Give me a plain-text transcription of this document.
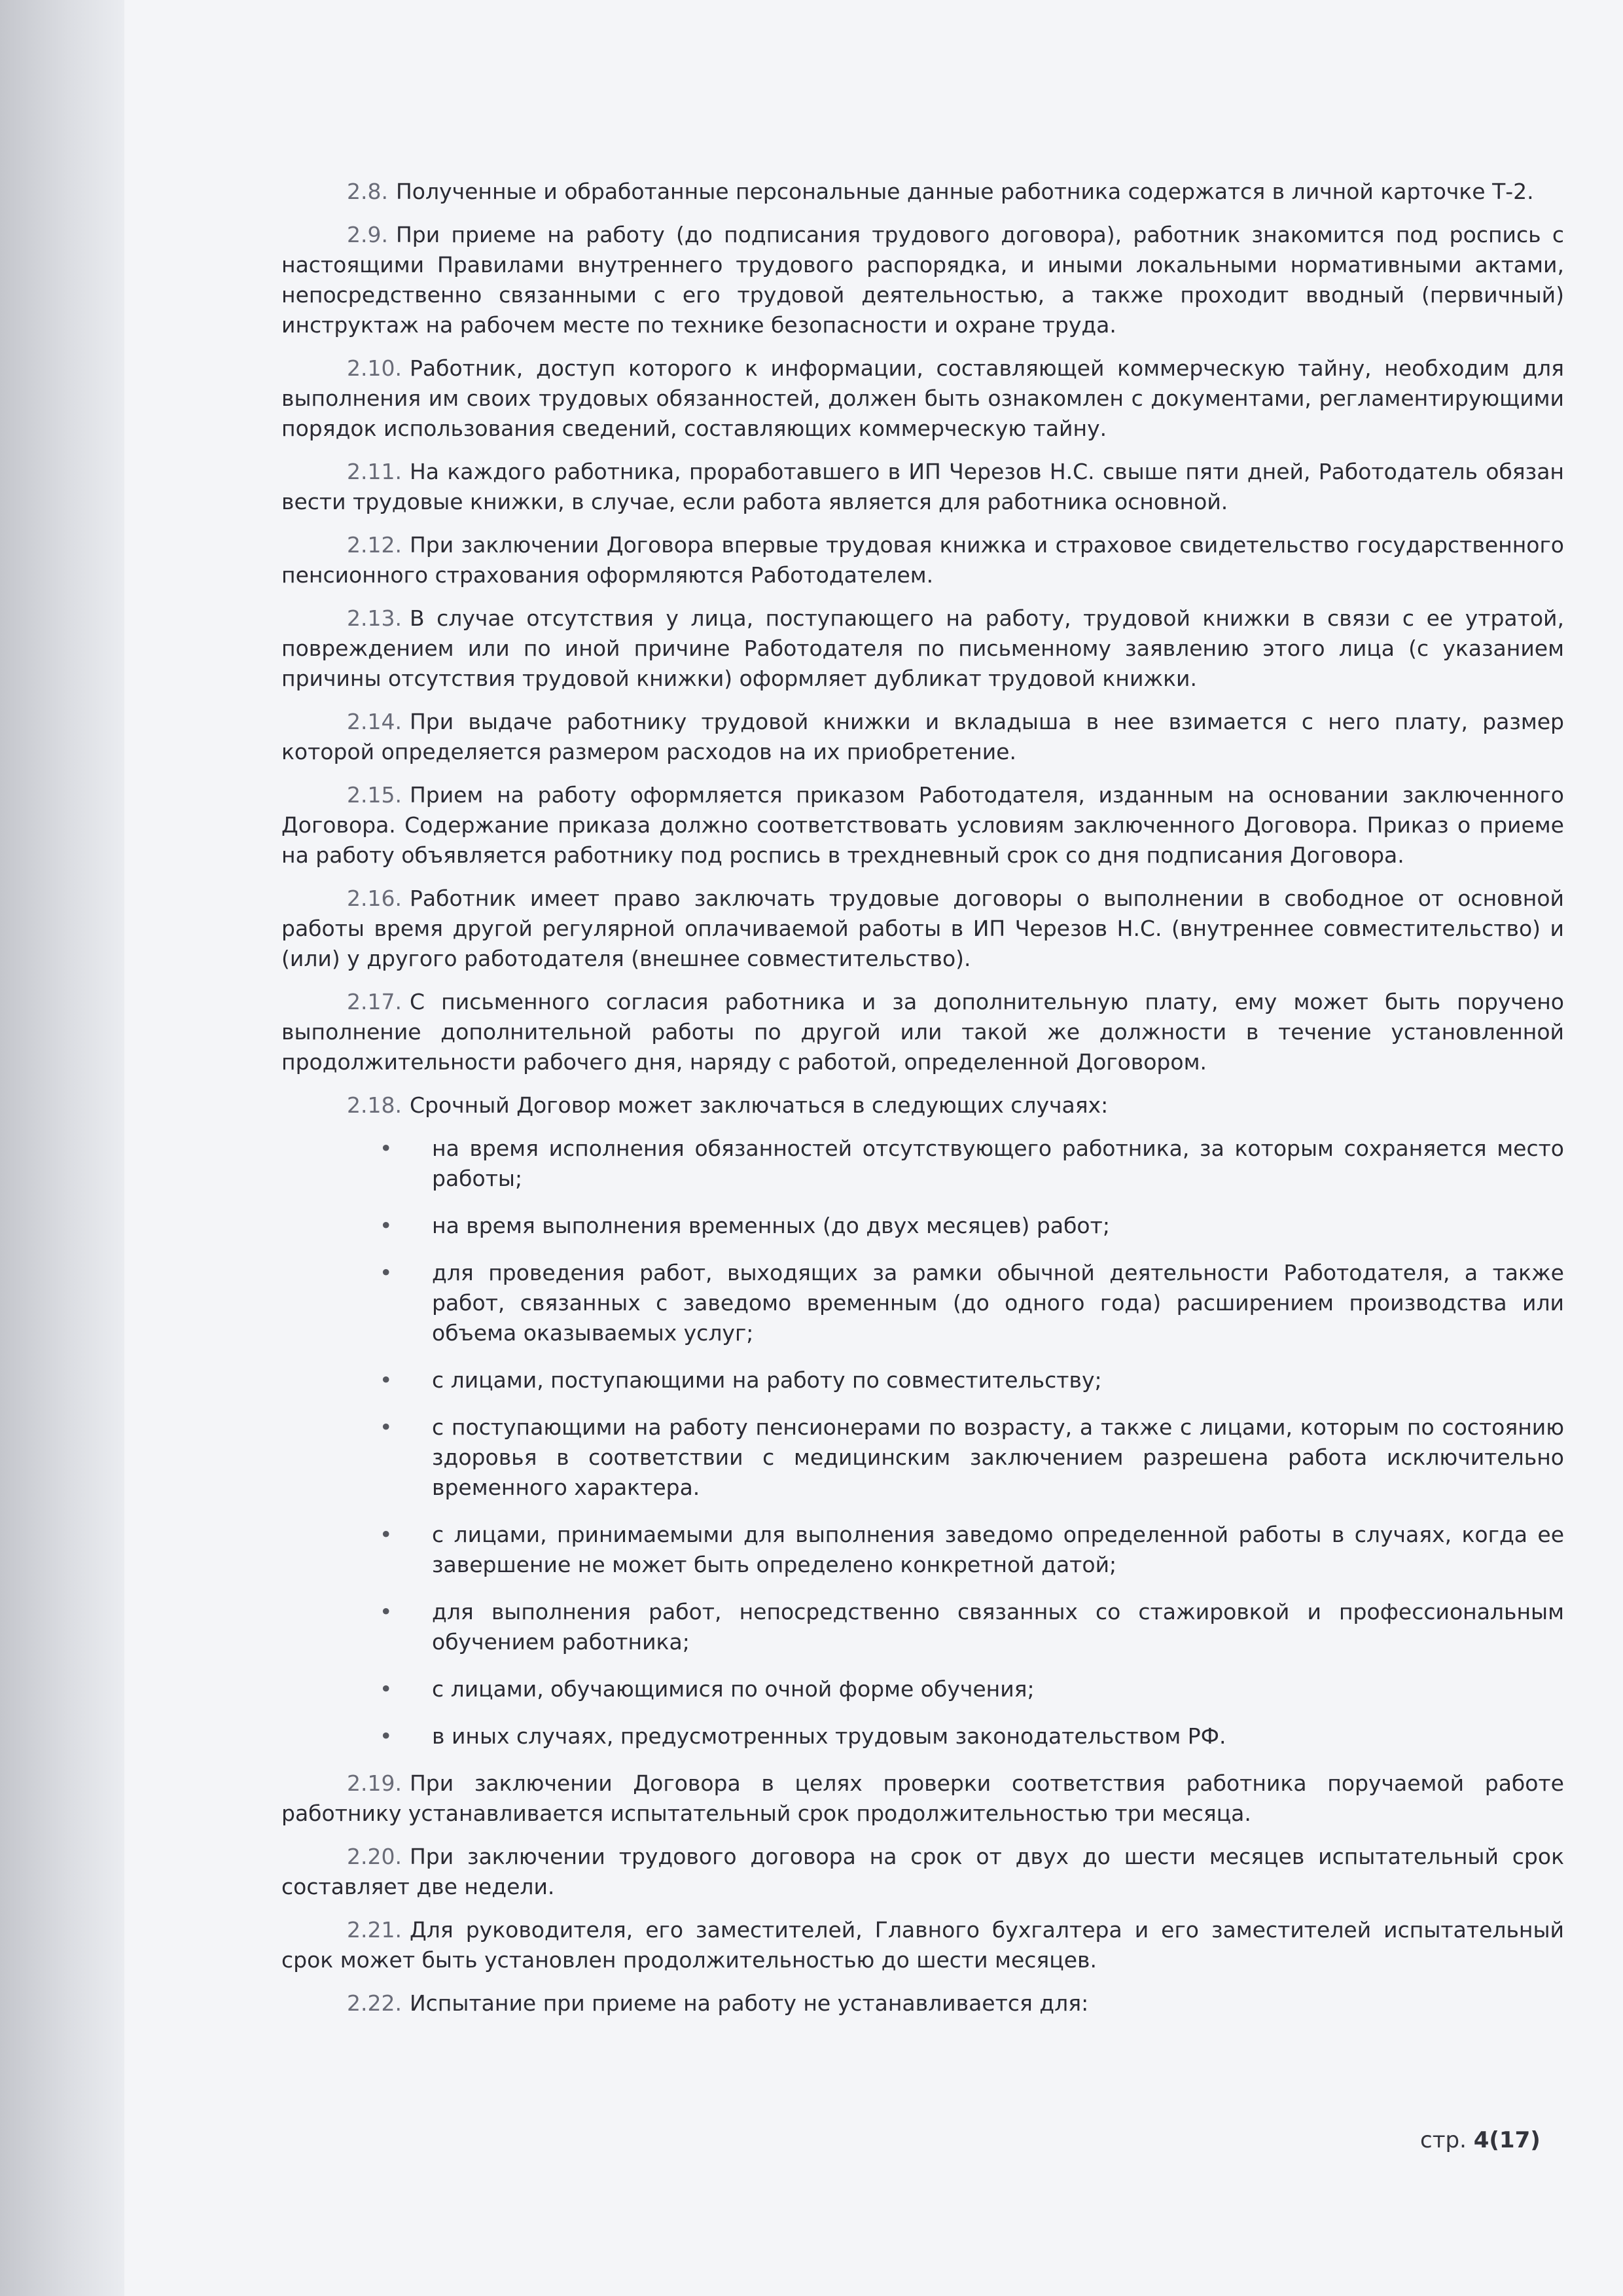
2.8. Полученные и обработанные персональные данные работника содержатся в личной карточке Т-2.

2.9. При приеме на работу (до подписания трудового договора), работник знакомится под роспись с настоящими Правилами внутреннего трудового распорядка, и иными локальными нормативными актами, непосредственно связанными с его трудовой деятельностью, а также проходит вводный (первичный) инструктаж на рабочем месте по технике безопасности и охране труда.

2.10. Работник, доступ которого к информации, составляющей коммерческую тайну, необходим для выполнения им своих трудовых обязанностей, должен быть ознакомлен с документами, регламентирующими порядок использования сведений, составляющих коммерческую тайну.

2.11. На каждого работника, проработавшего в ИП Черезов Н.С. свыше пяти дней, Работодатель обязан вести трудовые книжки, в случае, если работа является для работника основной.

2.12. При заключении Договора впервые трудовая книжка и страховое свидетельство государственного пенсионного страхования оформляются Работодателем.

2.13. В случае отсутствия у лица, поступающего на работу, трудовой книжки в связи с ее утратой, повреждением или по иной причине Работодателя по письменному заявлению этого лица (с указанием причины отсутствия трудовой книжки) оформляет дубликат трудовой книжки.

2.14. При выдаче работнику трудовой книжки и вкладыша в нее взимается с него плату, размер которой определяется размером расходов на их приобретение.

2.15. Прием на работу оформляется приказом Работодателя, изданным на основании заключенного Договора. Содержание приказа должно соответствовать условиям заключенного Договора. Приказ о приеме на работу объявляется работнику под роспись в трехдневный срок со дня подписания Договора.

2.16. Работник имеет право заключать трудовые договоры о выполнении в свободное от основной работы время другой регулярной оплачиваемой работы в ИП Черезов Н.С. (внутреннее совместительство) и (или) у другого работодателя (внешнее совместительство).

2.17. С письменного согласия работника и за дополнительную плату, ему может быть поручено выполнение дополнительной работы по другой или такой же должности в течение установленной продолжительности рабочего дня, наряду с работой, определенной Договором.

2.18. Срочный Договор может заключаться в следующих случаях:

• на время исполнения обязанностей отсутствующего работника, за которым сохраняется место работы;
• на время выполнения временных (до двух месяцев) работ;
• для проведения работ, выходящих за рамки обычной деятельности Работодателя, а также работ, связанных с заведомо временным (до одного года) расширением производства или объема оказываемых услуг;
• с лицами, поступающими на работу по совместительству;
• с поступающими на работу пенсионерами по возрасту, а также с лицами, которым по состоянию здоровья в соответствии с медицинским заключением разрешена работа исключительно временного характера.
• с лицами, принимаемыми для выполнения заведомо определенной работы в случаях, когда ее завершение не может быть определено конкретной датой;
• для выполнения работ, непосредственно связанных со стажировкой и профессиональным обучением работника;
• с лицами, обучающимися по очной форме обучения;
• в иных случаях, предусмотренных трудовым законодательством РФ.

2.19. При заключении Договора в целях проверки соответствия работника поручаемой работе работнику устанавливается испытательный срок продолжительностью три месяца.

2.20. При заключении трудового договора на срок от двух до шести месяцев испытательный срок составляет две недели.

2.21. Для руководителя, его заместителей, Главного бухгалтера и его заместителей испытательный срок может быть установлен продолжительностью до шести месяцев.

2.22. Испытание при приеме на работу не устанавливается для:

стр. 4(17)
